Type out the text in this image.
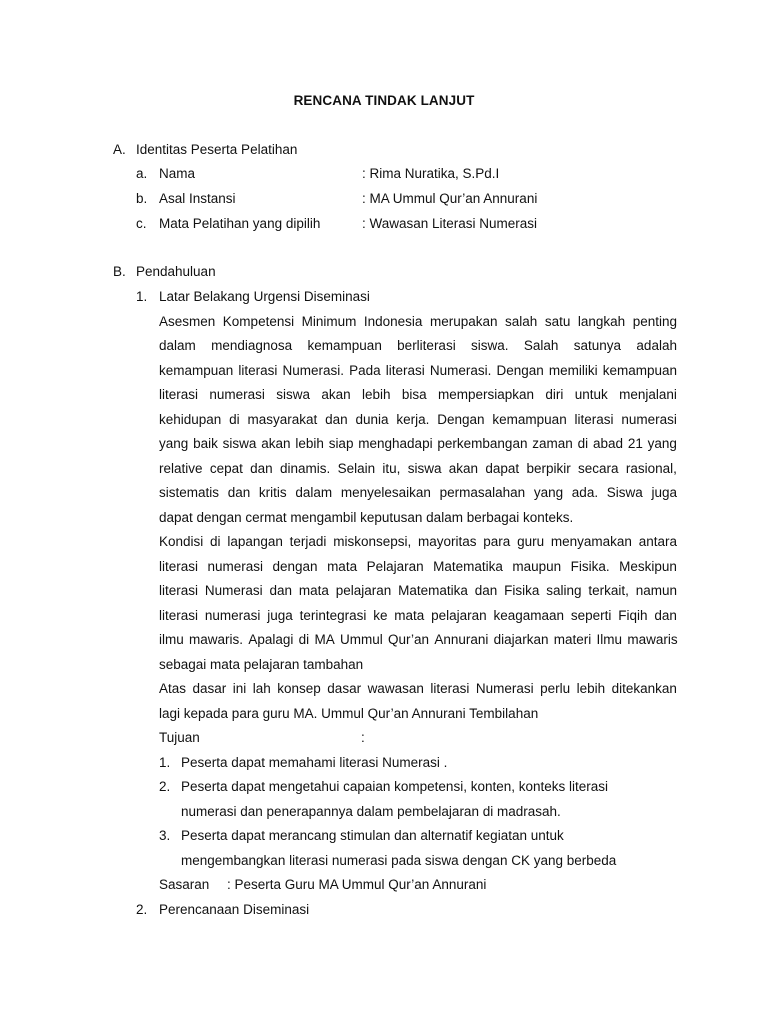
RENCANA TINDAK LANJUT
A. Identitas Peserta Pelatihan
a. Nama	: Rima Nuratika, S.Pd.I
b. Asal Instansi	: MA Ummul Qur’an Annurani
c. Mata Pelatihan yang dipilih	: Wawasan Literasi Numerasi
B. Pendahuluan
1. Latar Belakang Urgensi Diseminasi
Asesmen Kompetensi Minimum Indonesia merupakan salah satu langkah penting
dalam mendiagnosa kemampuan berliterasi siswa. Salah satunya adalah
kemampuan literasi Numerasi. Pada literasi Numerasi. Dengan memiliki kemampuan
literasi numerasi siswa akan lebih bisa mempersiapkan diri untuk menjalani
kehidupan di masyarakat dan dunia kerja. Dengan kemampuan literasi numerasi
yang baik siswa akan lebih siap menghadapi perkembangan zaman di abad 21 yang
relative cepat dan dinamis. Selain itu, siswa akan dapat berpikir secara rasional,
sistematis dan kritis dalam menyelesaikan permasalahan yang ada. Siswa juga
dapat dengan cermat mengambil keputusan dalam berbagai konteks.
Kondisi di lapangan terjadi miskonsepsi, mayoritas para guru menyamakan antara
literasi numerasi dengan mata Pelajaran Matematika maupun Fisika. Meskipun
literasi Numerasi dan mata pelajaran Matematika dan Fisika saling terkait, namun
literasi numerasi juga terintegrasi ke mata pelajaran keagamaan seperti Fiqih dan
ilmu mawaris. Apalagi di MA Ummul Qur’an Annurani diajarkan materi Ilmu mawaris
sebagai mata pelajaran tambahan
Atas dasar ini lah konsep dasar wawasan literasi Numerasi perlu lebih ditekankan
lagi kepada para guru MA. Ummul Qur’an Annurani Tembilahan
Tujuan	:
1. Peserta dapat memahami literasi Numerasi .
2. Peserta dapat mengetahui capaian kompetensi, konten, konteks literasi
numerasi dan penerapannya dalam pembelajaran di madrasah.
3. Peserta dapat merancang stimulan dan alternatif kegiatan untuk
mengembangkan literasi numerasi pada siswa dengan CK yang berbeda
Sasaran : Peserta Guru MA Ummul Qur’an Annurani
2. Perencanaan Diseminasi
